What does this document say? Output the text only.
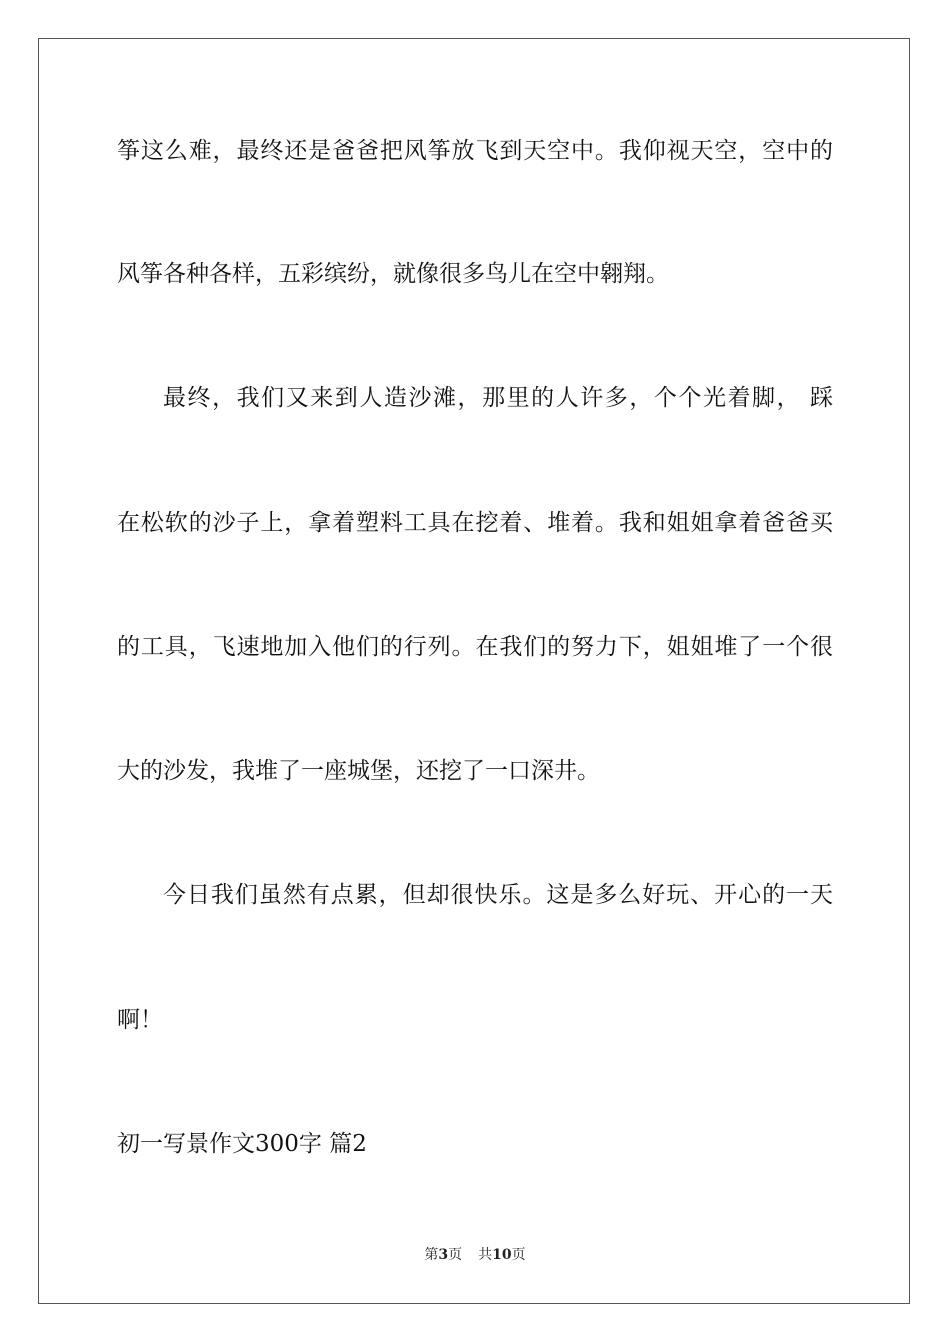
筝这么难，最终还是爸爸把风筝放飞到天空中。我仰视天空，空中的
风筝各种各样，五彩缤纷，就像很多鸟儿在空中翱翔。
最终，我们又来到人造沙滩，那里的人许多，个个光着脚， 踩
在松软的沙子上，拿着塑料工具在挖着、堆着。我和姐姐拿着爸爸买
的工具，飞速地加入他们的行列。在我们的努力下，姐姐堆了一个很
大的沙发，我堆了一座城堡，还挖了一口深井。
今日我们虽然有点累，但却很快乐。这是多么好玩、开心的一天
啊！
初一写景作文300字 篇2
第3页 共10页
